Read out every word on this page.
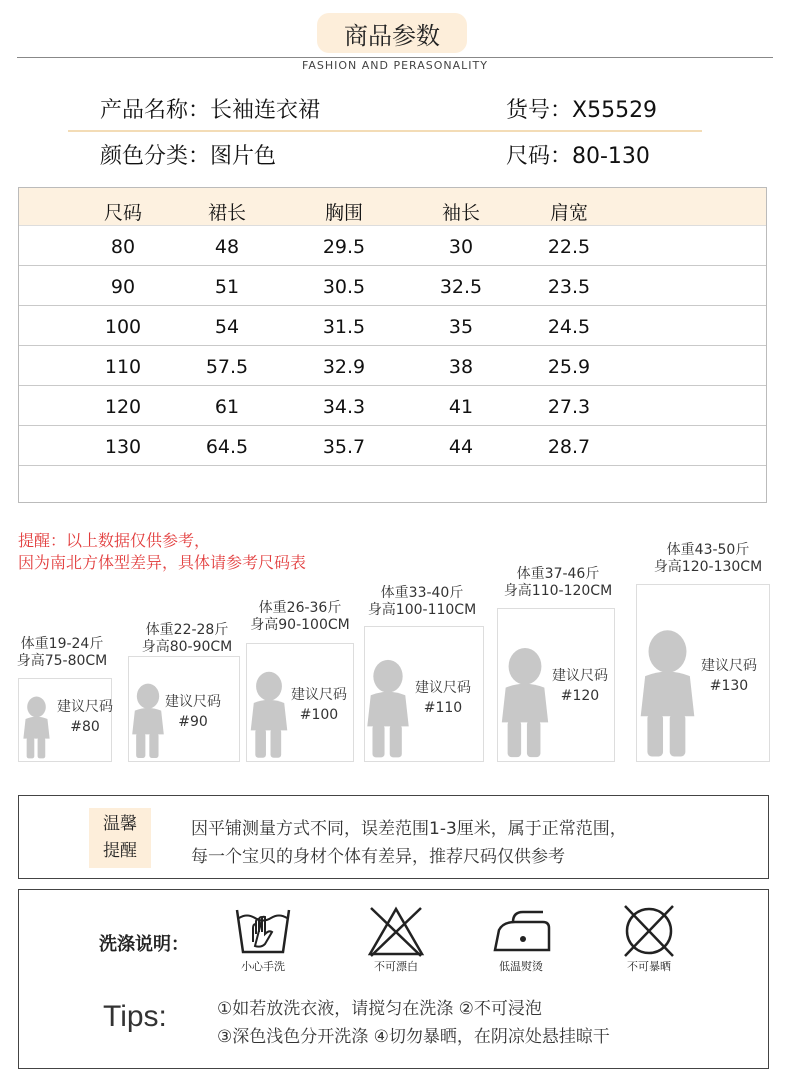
商品参数
FASHION AND PERASONALITY
产品名称：长袖连衣裙	货号：X55529
颜色分类：图片色	尺码：80-130
尺码	裙长	胸围	袖长	肩宽
80	48	29.5	30	22.5
90	51	30.5	32.5	23.5
100	54	31.5	35	24.5
110	57.5	32.9	38	25.9
120	61	34.3	41	27.3
130	64.5	35.7	44	28.7
提醒：以上数据仅供参考，
因为南北方体型差异，具体请参考尺码表
体重19-24斤
身高75-80CM
建议尺码
#80
体重22-28斤
身高80-90CM
建议尺码
#90
体重26-36斤
身高90-100CM
建议尺码
#100
体重33-40斤
身高100-110CM
建议尺码
#110
体重37-46斤
身高110-120CM
建议尺码
#120
体重43-50斤
身高120-130CM
建议尺码
#130
温馨
提醒
因平铺测量方式不同，误差范围1-3厘米，属于正常范围，
每一个宝贝的身材个体有差异，推荐尺码仅供参考
洗涤说明：
小心手洗	不可漂白	低温熨烫	不可暴晒
Tips:	①如若放洗衣液，请搅匀在洗涤 ②不可浸泡
③深色浅色分开洗涤 ④切勿暴晒，在阴凉处悬挂晾干
